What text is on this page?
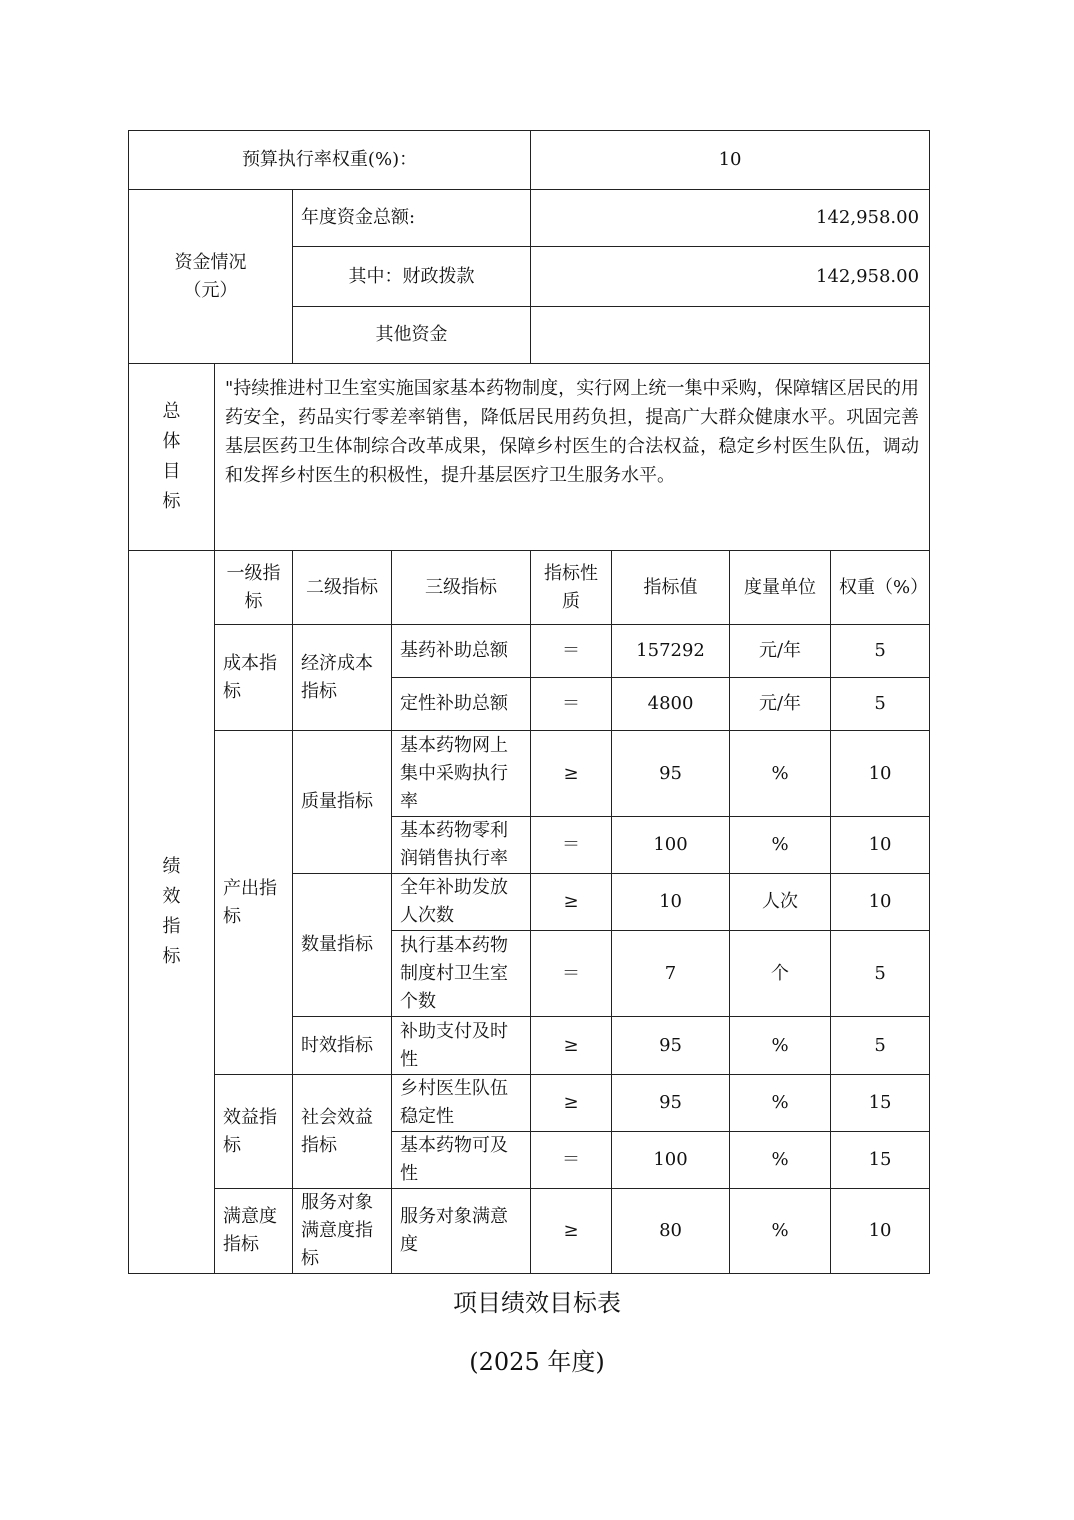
预算执行率权重(%)：				10			
资金情况（元）		年度资金总额:		142,958.00			
		其中：财政拨款		142,958.00			
		其他资金					

总
体
目
标	"持续推进村卫生室实施国家基本药物制度，实行网上统一集中采购，保障辖区居民的用药安全，药品实行零差率销售，降低居民用药负担，提高广大群众健康水平。巩固完善基层医药卫生体制综合改革成果，保障乡村医生的合法权益，稳定乡村医生队伍，调动和发挥乡村医生的积极性，提升基层医疗卫生服务水平。						

绩
效
指
标	一级指标	二级指标	三级指标	指标性质	指标值	度量单位	权重（%）
	成本指标	经济成本指标	基药补助总额	＝	157292	元/年	5
			定性补助总额	＝	4800	元/年	5
	产出指标	质量指标	基本药物网上集中采购执行率	≥	95	%	10
			基本药物零利润销售执行率	＝	100	%	10
		数量指标	全年补助发放人次数	≥	10	人次	10
			执行基本药物制度村卫生室个数	＝	7	个	5
		时效指标	补助支付及时性	≥	95	%	5
	效益指标	社会效益指标	乡村医生队伍稳定性	≥	95	%	15
			基本药物可及性	＝	100	%	15
	满意度指标	服务对象满意度指标	服务对象满意度	≥	80	%	10
项目绩效目标表
(2025 年度)
